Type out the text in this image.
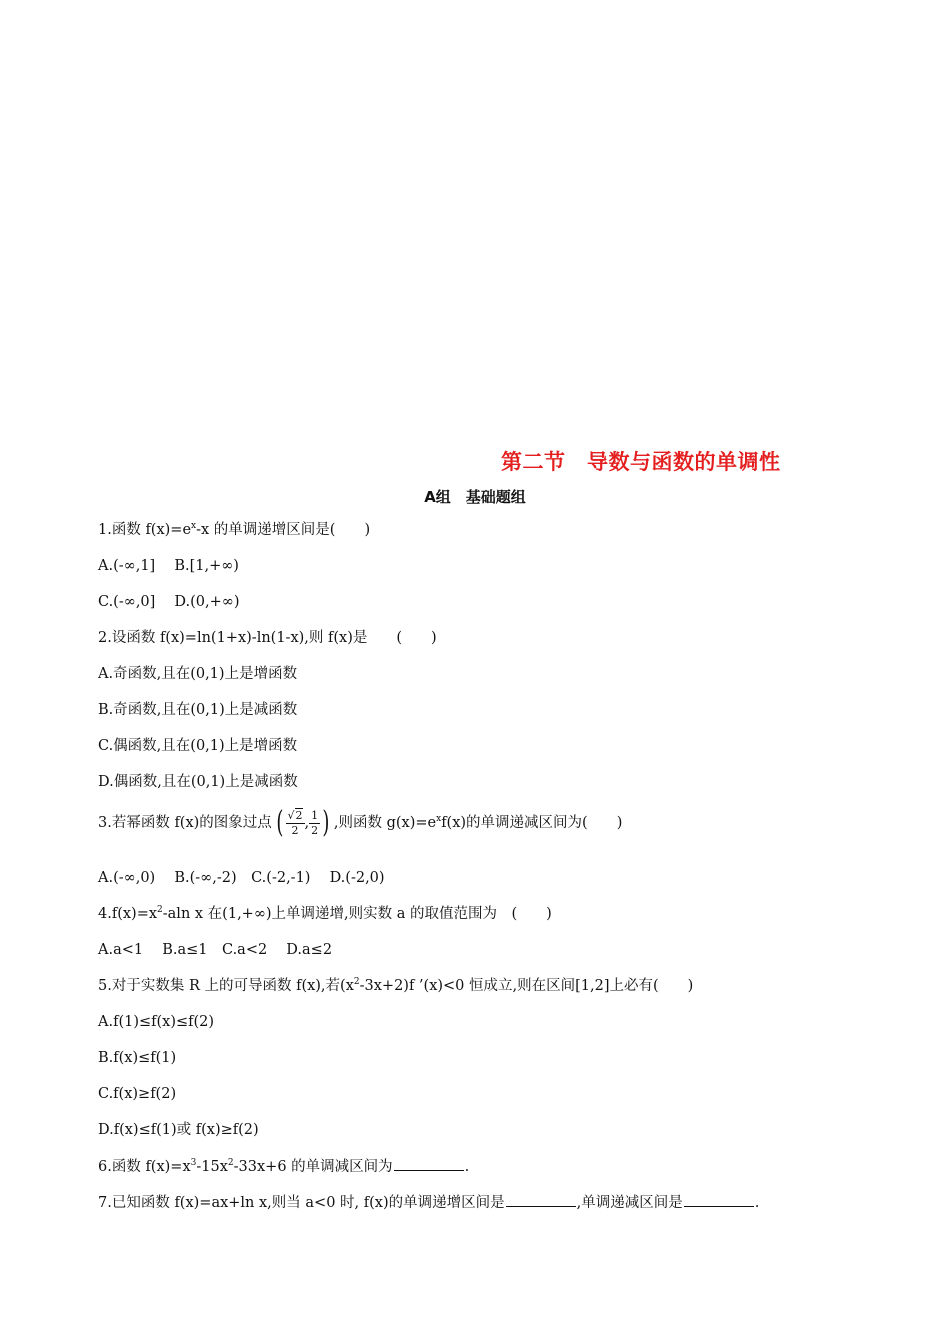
第二节　导数与函数的单调性
A组　基础题组
1.函数 $f(x)=e^x-x$ 的单调递增区间是(　　)
A.(-∞,1]　 B.[1,+∞)
C.(-∞,0]　 D.(0,+∞)
2.设函数 f(x)=ln(1+x)-ln(1-x),则 f(x)是　　(　　)
A.奇函数,且在(0,1)上是增函数
B.奇函数,且在(0,1)上是减函数
C.偶函数,且在(0,1)上是增函数
D.偶函数,且在(0,1)上是减函数
3.若幂函数 f(x)的图象过点 ( $\frac{√2}{2}$ , $\frac{1}{2}$ ) ,则函数 $g(x)=e^xf(x)$的单调递减区间为(　　)
A.(-∞,0)　 B.(-∞,-2)　C.(-2,-1)　 D.(-2,0)
$4.f(x)=x^2$-aln x 在(1,+∞)上单调递增,则实数 a 的取值范围为　(　　)
A.a<1　 B.a≤1　C.a<2　 D.a≤2
5.对于实数集 R 上的可导函数 f(x),若$(x^2-3x+2)f$ ’(x)<0 恒成立,则在区间[1,2]上必有(　　)
A.f(1)≤f(x)≤f(2)
B.f(x)≤f(1)
C.f(x)≥f(2)
D.f(x)≤f(1)或 f(x)≥f(2)
6.函数 $f(x)=x^3-15x^2-33x+6$ 的单调减区间为	.
7.已知函数 f(x)=ax+ln x,则当 a<0 时, f(x)的单调递增区间是	,单调递减区间是	.
